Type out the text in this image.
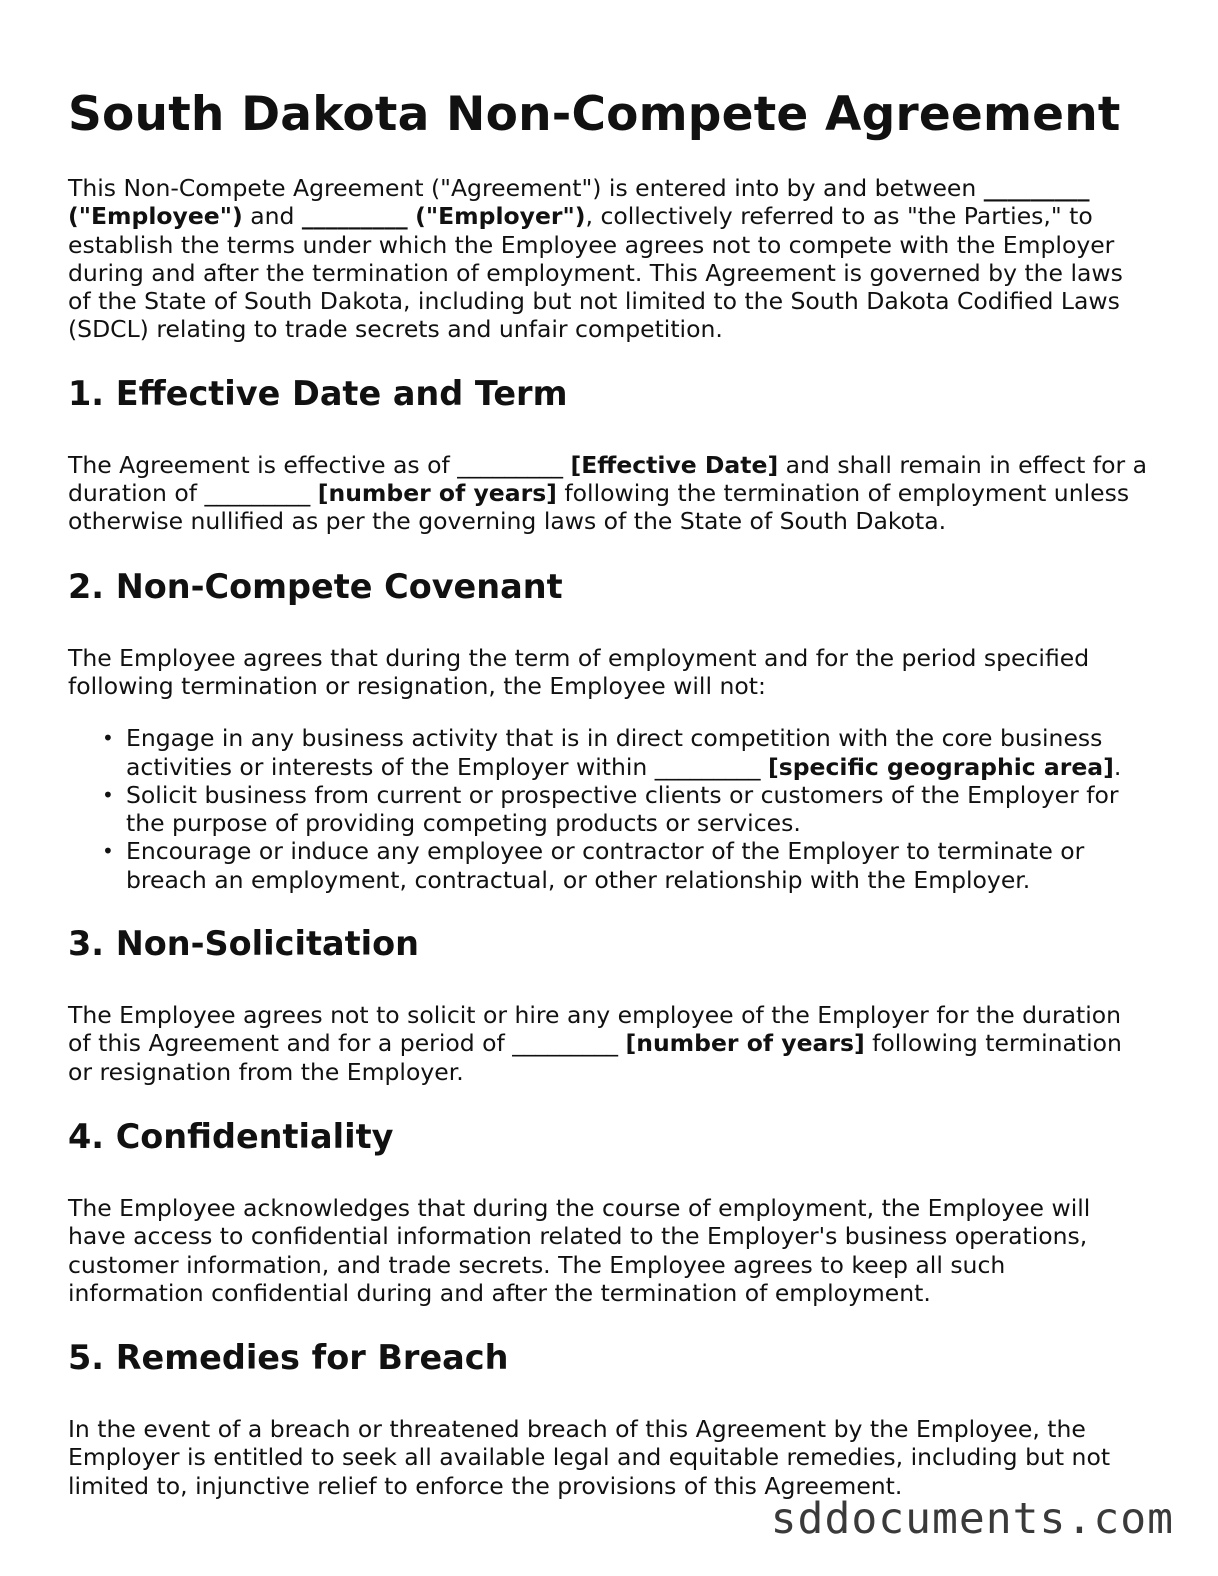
South Dakota Non-Compete Agreement

This Non-Compete Agreement ("Agreement") is entered into by and between _________ ("Employee") and _________ ("Employer"), collectively referred to as "the Parties," to establish the terms under which the Employee agrees not to compete with the Employer during and after the termination of employment. This Agreement is governed by the laws of the State of South Dakota, including but not limited to the South Dakota Codified Laws (SDCL) relating to trade secrets and unfair competition.

1. Effective Date and Term

The Agreement is effective as of _________ [Effective Date] and shall remain in effect for a duration of _________ [number of years] following the termination of employment unless otherwise nullified as per the governing laws of the State of South Dakota.

2. Non-Compete Covenant

The Employee agrees that during the term of employment and for the period specified following termination or resignation, the Employee will not:

• Engage in any business activity that is in direct competition with the core business activities or interests of the Employer within _________ [specific geographic area].
• Solicit business from current or prospective clients or customers of the Employer for the purpose of providing competing products or services.
• Encourage or induce any employee or contractor of the Employer to terminate or breach an employment, contractual, or other relationship with the Employer.
3. Non-Solicitation

The Employee agrees not to solicit or hire any employee of the Employer for the duration of this Agreement and for a period of _________ [number of years] following termination or resignation from the Employer.

4. Confidentiality

The Employee acknowledges that during the course of employment, the Employee will have access to confidential information related to the Employer's business operations, customer information, and trade secrets. The Employee agrees to keep all such information confidential during and after the termination of employment.

5. Remedies for Breach

In the event of a breach or threatened breach of this Agreement by the Employee, the Employer is entitled to seek all available legal and equitable remedies, including but not limited to, injunctive relief to enforce the provisions of this Agreement.

sddocuments.com
